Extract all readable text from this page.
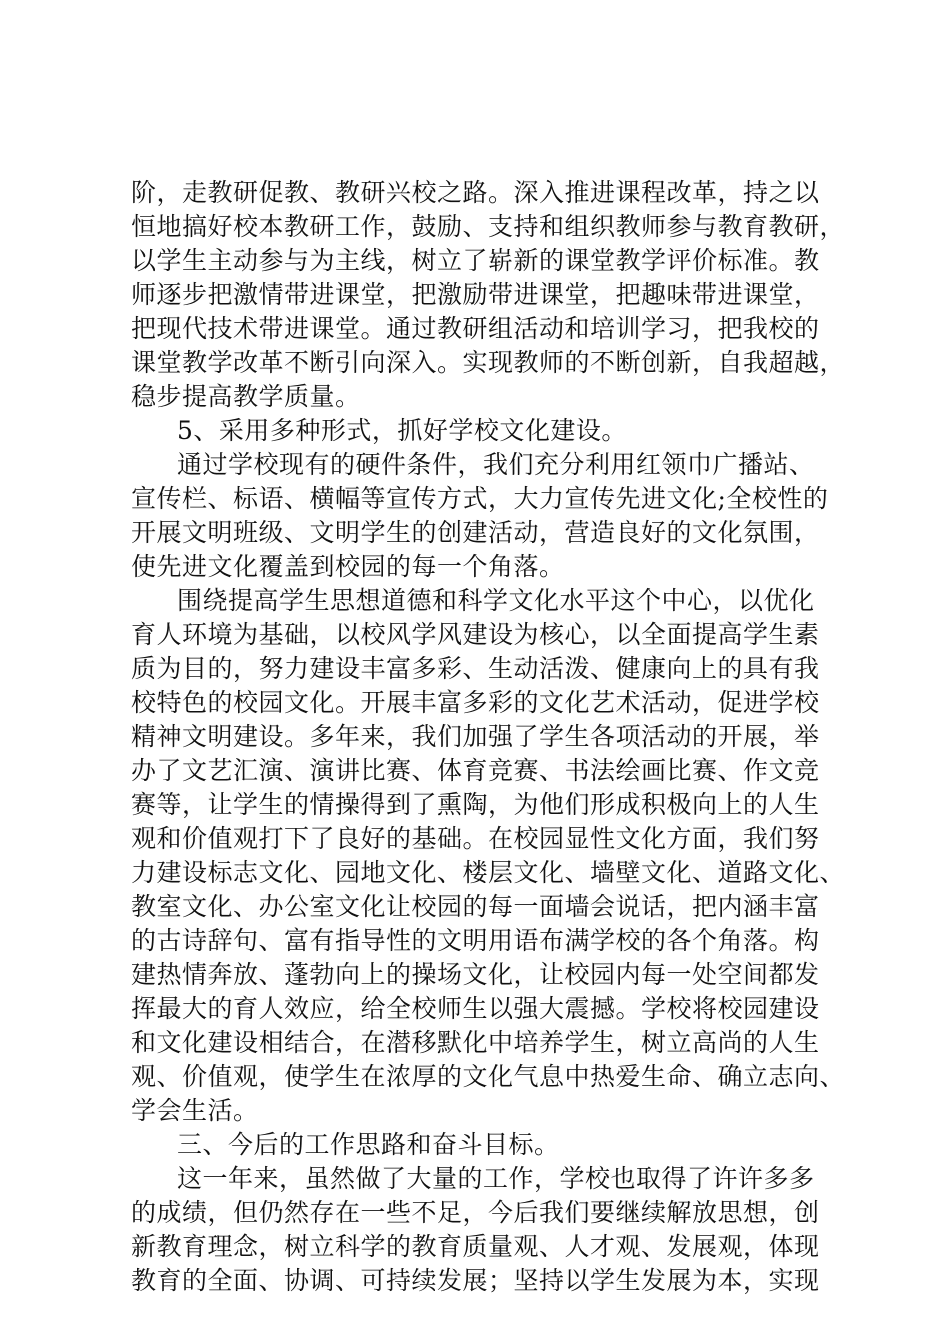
阶，走教研促教、教研兴校之路。深入推进课程改革，持之以
恒地搞好校本教研工作，鼓励、支持和组织教师参与教育教研，
以学生主动参与为主线，树立了崭新的课堂教学评价标准。教
师逐步把激情带进课堂，把激励带进课堂，把趣味带进课堂，
把现代技术带进课堂。通过教研组活动和培训学习，把我校的
课堂教学改革不断引向深入。实现教师的不断创新，自我超越，
稳步提高教学质量。
5、采用多种形式，抓好学校文化建设。
通过学校现有的硬件条件，我们充分利用红领巾广播站、
宣传栏、标语、横幅等宣传方式，大力宣传先进文化;全校性的
开展文明班级、文明学生的创建活动，营造良好的文化氛围，
使先进文化覆盖到校园的每一个角落。
围绕提高学生思想道德和科学文化水平这个中心，以优化
育人环境为基础，以校风学风建设为核心，以全面提高学生素
质为目的，努力建设丰富多彩、生动活泼、健康向上的具有我
校特色的校园文化。开展丰富多彩的文化艺术活动，促进学校
精神文明建设。多年来，我们加强了学生各项活动的开展，举
办了文艺汇演、演讲比赛、体育竞赛、书法绘画比赛、作文竞
赛等，让学生的情操得到了熏陶，为他们形成积极向上的人生
观和价值观打下了良好的基础。在校园显性文化方面，我们努
力建设标志文化、园地文化、楼层文化、墙壁文化、道路文化、
教室文化、办公室文化让校园的每一面墙会说话，把内涵丰富
的古诗辞句、富有指导性的文明用语布满学校的各个角落。构
建热情奔放、蓬勃向上的操场文化，让校园内每一处空间都发
挥最大的育人效应，给全校师生以强大震撼。学校将校园建设
和文化建设相结合，在潜移默化中培养学生，树立高尚的人生
观、价值观，使学生在浓厚的文化气息中热爱生命、确立志向、
学会生活。
三、今后的工作思路和奋斗目标。
这一年来，虽然做了大量的工作，学校也取得了许许多多
的成绩，但仍然存在一些不足，今后我们要继续解放思想，创
新教育理念，树立科学的教育质量观、人才观、发展观，体现
教育的全面、协调、可持续发展；坚持以学生发展为本，实现
